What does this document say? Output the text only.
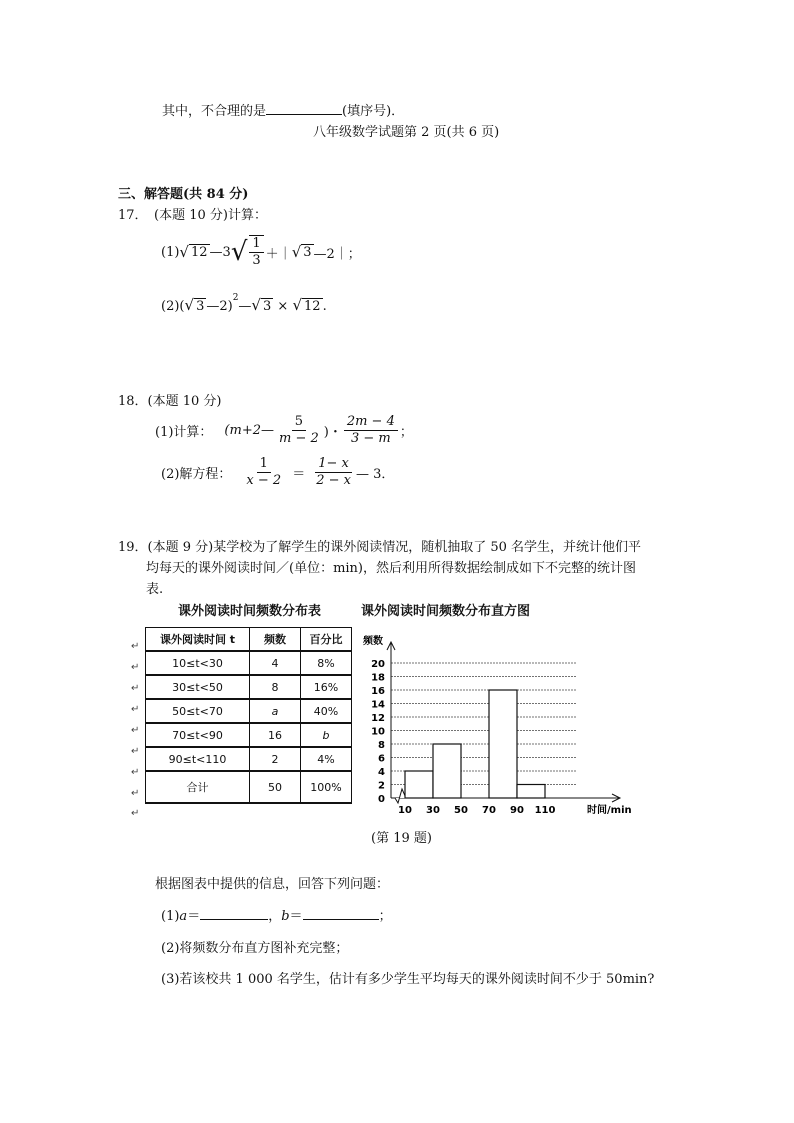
其中，不合理的是	(填序号)．
八年级数学试题第 2 页(共 6 页)
三、解答题(共 84 分)
17．　(本题 10 分)计算：
(1) √ 12 —3 √ $\frac{1}{3}$ ＋｜ √ 3 —2｜；
(2)(√ 3 —2)$^2$—√ 3 × √ 12 .
18．(本题 10 分)
(1)计算： (m+2— $\frac{5}{m - 2}$ )・ $\frac{2m - 4}{3 - m}$ ；
(2)解方程： $\frac{1}{x - 2} = \frac{1- x}{2 - x}$ — 3．
19．(本题 9 分)某学校为了解学生的课外阅读情况，随机抽取了 50 名学生，并统计他们平
均每天的课外阅读时间／(单位：min)，然后利用所得数据绘制成如下不完整的统计图
表.
课外阅读时间频数分布表	课外阅读时间频数分布直方图
↵
↵
↵
↵
↵
↵
↵
↵
↵
课外阅读时间 t	频数	百分比
10≤t<30	4	8%
30≤t<50	8	16%
50≤t<70	a	40%
70≤t<90	16	b
90≤t<110	2	4%
合计	50	100%
0
2
4
6
8
10
12
14
16
18
20
频数
10 30 50 70 90 110	时间/min
(第 19 题)
根据图表中提供的信息，回答下列问题：
(1)a＝	，b＝	；
(2)将频数分布直方图补充完整；
(3)若该校共 1 000 名学生，估计有多少学生平均每天的课外阅读时间不少于 50min?
